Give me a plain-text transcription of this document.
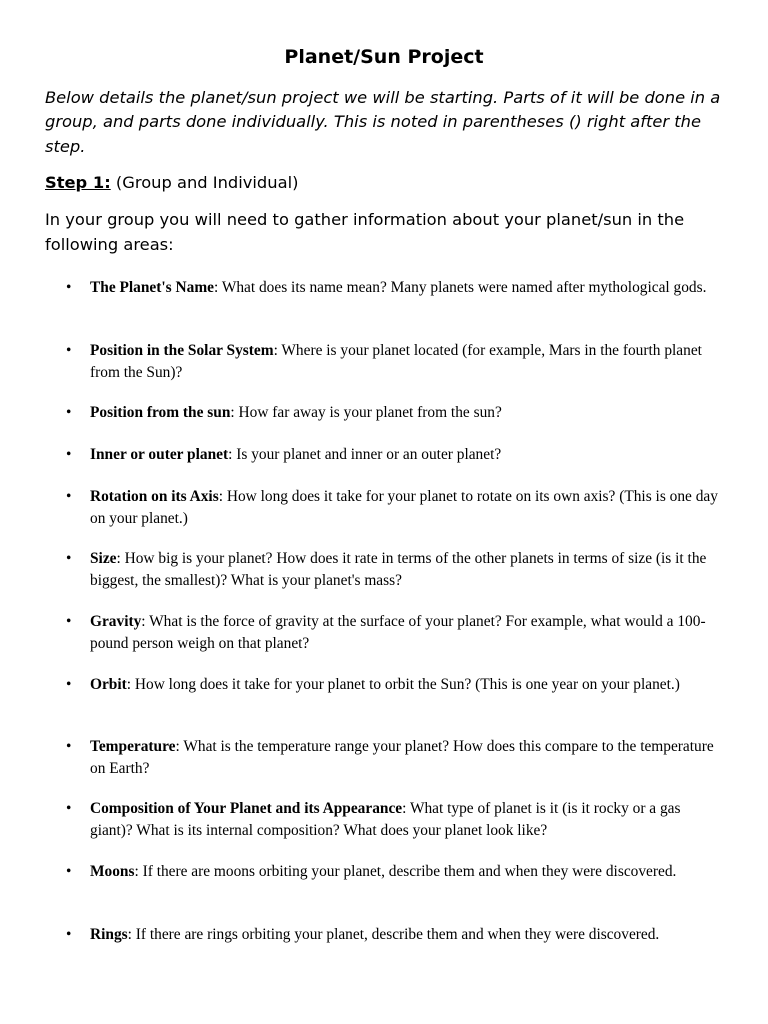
Planet/Sun Project

Below details the planet/sun project we will be starting. Parts of it will be done in a group, and parts done individually. This is noted in parentheses () right after the step.

Step 1: (Group and Individual)

In your group you will need to gather information about your planet/sun in the following areas:

• The Planet's Name: What does its name mean? Many planets were named after mythological gods.
• Position in the Solar System: Where is your planet located (for example, Mars in the fourth planet from the Sun)?
• Position from the sun: How far away is your planet from the sun?
• Inner or outer planet: Is your planet and inner or an outer planet?
• Rotation on its Axis: How long does it take for your planet to rotate on its own axis? (This is one day on your planet.)
• Size: How big is your planet? How does it rate in terms of the other planets in terms of size (is it the biggest, the smallest)? What is your planet's mass?
• Gravity: What is the force of gravity at the surface of your planet? For example, what would a 100-pound person weigh on that planet?
• Orbit: How long does it take for your planet to orbit the Sun? (This is one year on your planet.)
• Temperature: What is the temperature range your planet? How does this compare to the temperature on Earth?
• Composition of Your Planet and its Appearance: What type of planet is it (is it rocky or a gas giant)? What is its internal composition? What does your planet look like?
• Moons: If there are moons orbiting your planet, describe them and when they were discovered.
• Rings: If there are rings orbiting your planet, describe them and when they were discovered.
